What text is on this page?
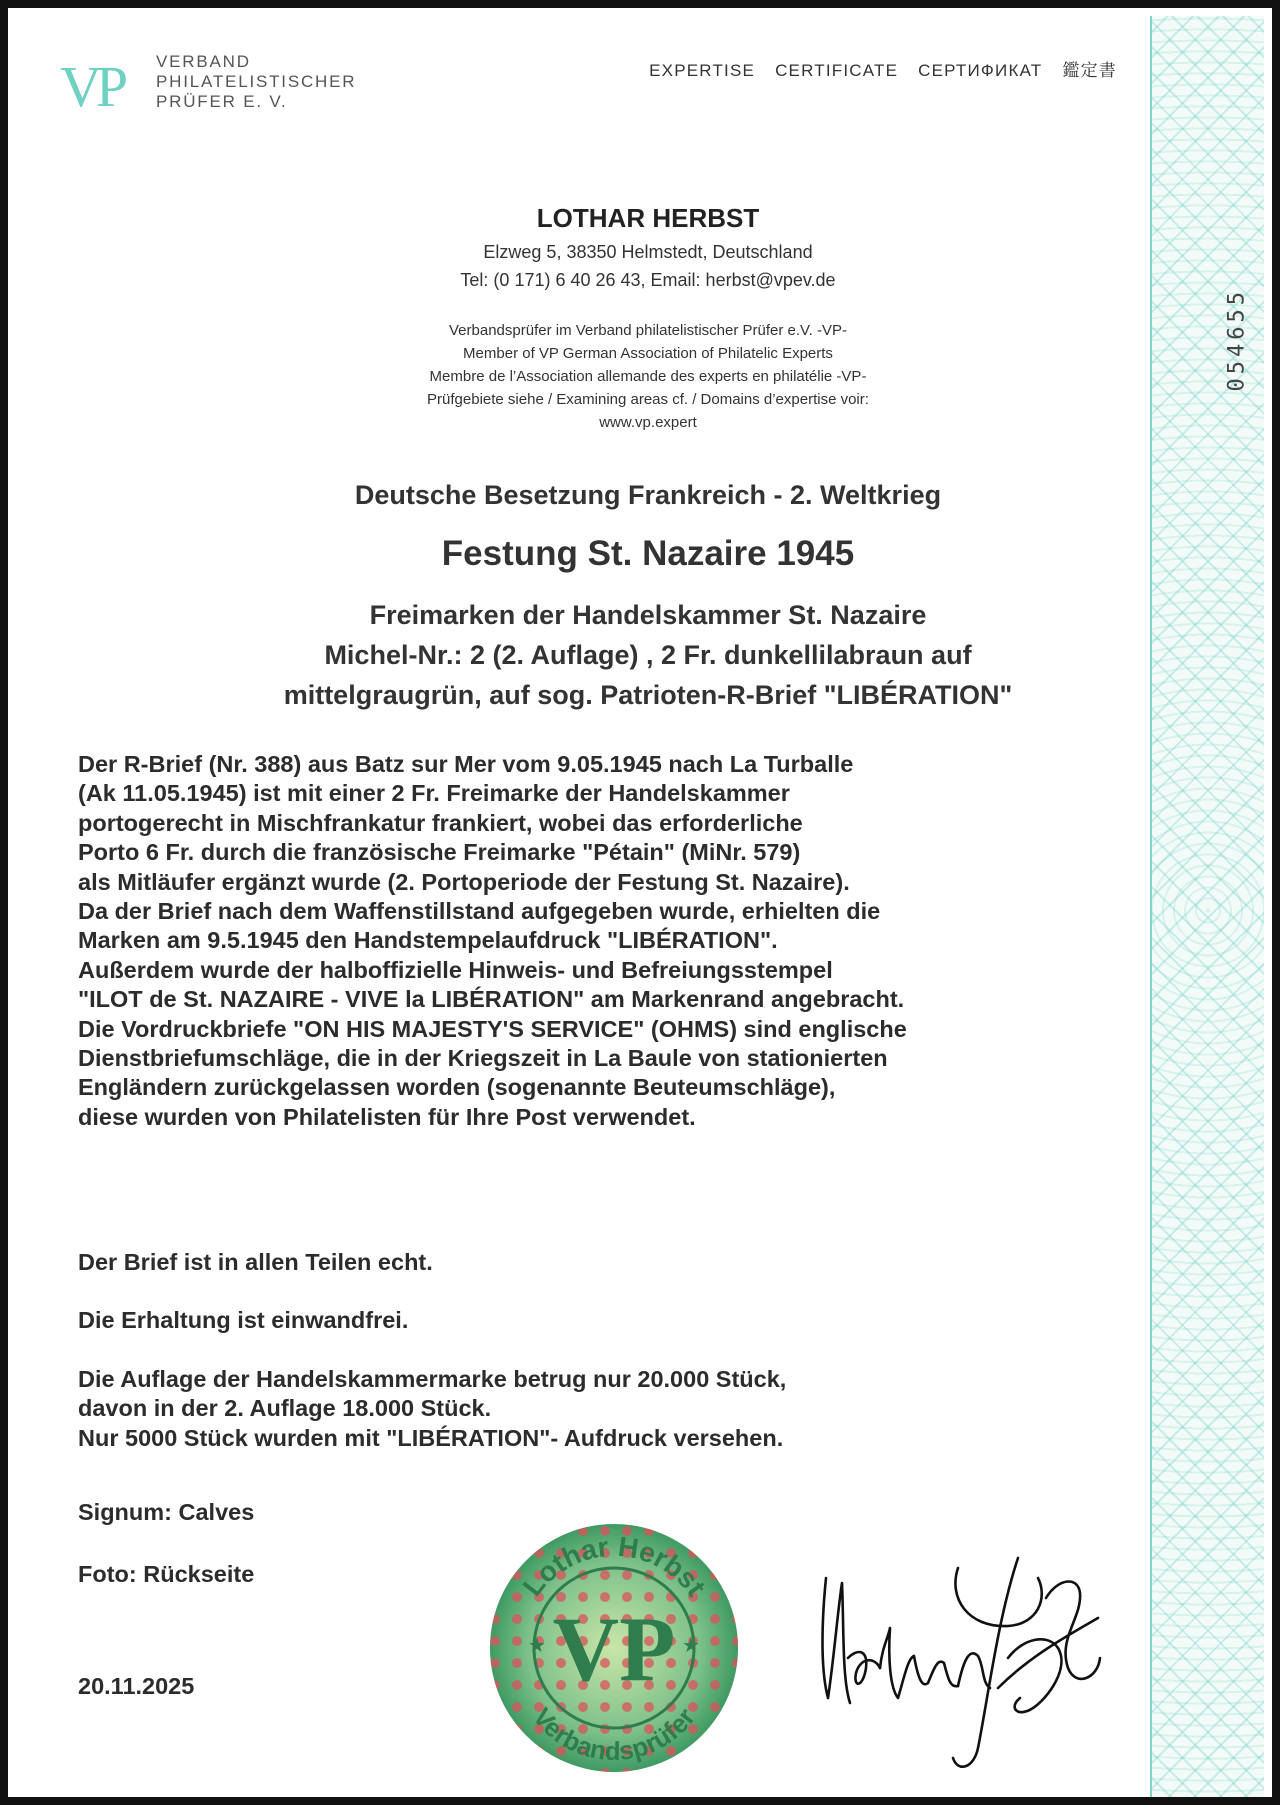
054655
VP VERBAND
PHILATELISTISCHER
PRÜFER E. V.
EXPERTISE CERTIFICATE СЕРТИФИКАТ 鑑定書
LOTHAR HERBST
Elzweg 5, 38350 Helmstedt, Deutschland
Tel: (0 171) 6 40 26 43, Email: herbst@vpev.de
Verbandsprüfer im Verband philatelistischer Prüfer e.V. -VP-
Member of VP German Association of Philatelic Experts
Membre de l’Association allemande des experts en philatélie -VP-
Prüfgebiete siehe / Examining areas cf. / Domains d’expertise voir:
www.vp.expert
Deutsche Besetzung Frankreich - 2. Weltkrieg
Festung St. Nazaire 1945
Freimarken der Handelskammer St. Nazaire
Michel-Nr.: 2 (2. Auflage) , 2 Fr. dunkellilabraun auf
mittelgraugrün, auf sog. Patrioten-R-Brief "LIBÉRATION"
Der R-Brief (Nr. 388) aus Batz sur Mer vom 9.05.1945 nach La Turballe
(Ak 11.05.1945) ist mit einer 2 Fr. Freimarke der Handelskammer
portogerecht in Mischfrankatur frankiert, wobei das erforderliche
Porto 6 Fr. durch die französische Freimarke "Pétain" (MiNr. 579)
als Mitläufer ergänzt wurde (2. Portoperiode der Festung St. Nazaire).
Da der Brief nach dem Waffenstillstand aufgegeben wurde, erhielten die
Marken am 9.5.1945 den Handstempelaufdruck "LIBÉRATION".
Außerdem wurde der halboffizielle Hinweis- und Befreiungsstempel
"ILOT de St. NAZAIRE - VIVE la LIBÉRATION" am Markenrand angebracht.
Die Vordruckbriefe "ON HIS MAJESTY'S SERVICE" (OHMS) sind englische
Dienstbriefumschläge, die in der Kriegszeit in La Baule von stationierten
Engländern zurückgelassen worden (sogenannte Beuteumschläge),
diese wurden von Philatelisten für Ihre Post verwendet.
Der Brief ist in allen Teilen echt.
Die Erhaltung ist einwandfrei.
Die Auflage der Handelskammermarke betrug nur 20.000 Stück,
davon in der 2. Auflage 18.000 Stück.
Nur 5000 Stück wurden mit "LIBÉRATION"- Aufdruck versehen.
Signum: Calves
Foto: Rückseite
20.11.2025
Lothar Herbst
Verbandsprüfer
VP
★	★
